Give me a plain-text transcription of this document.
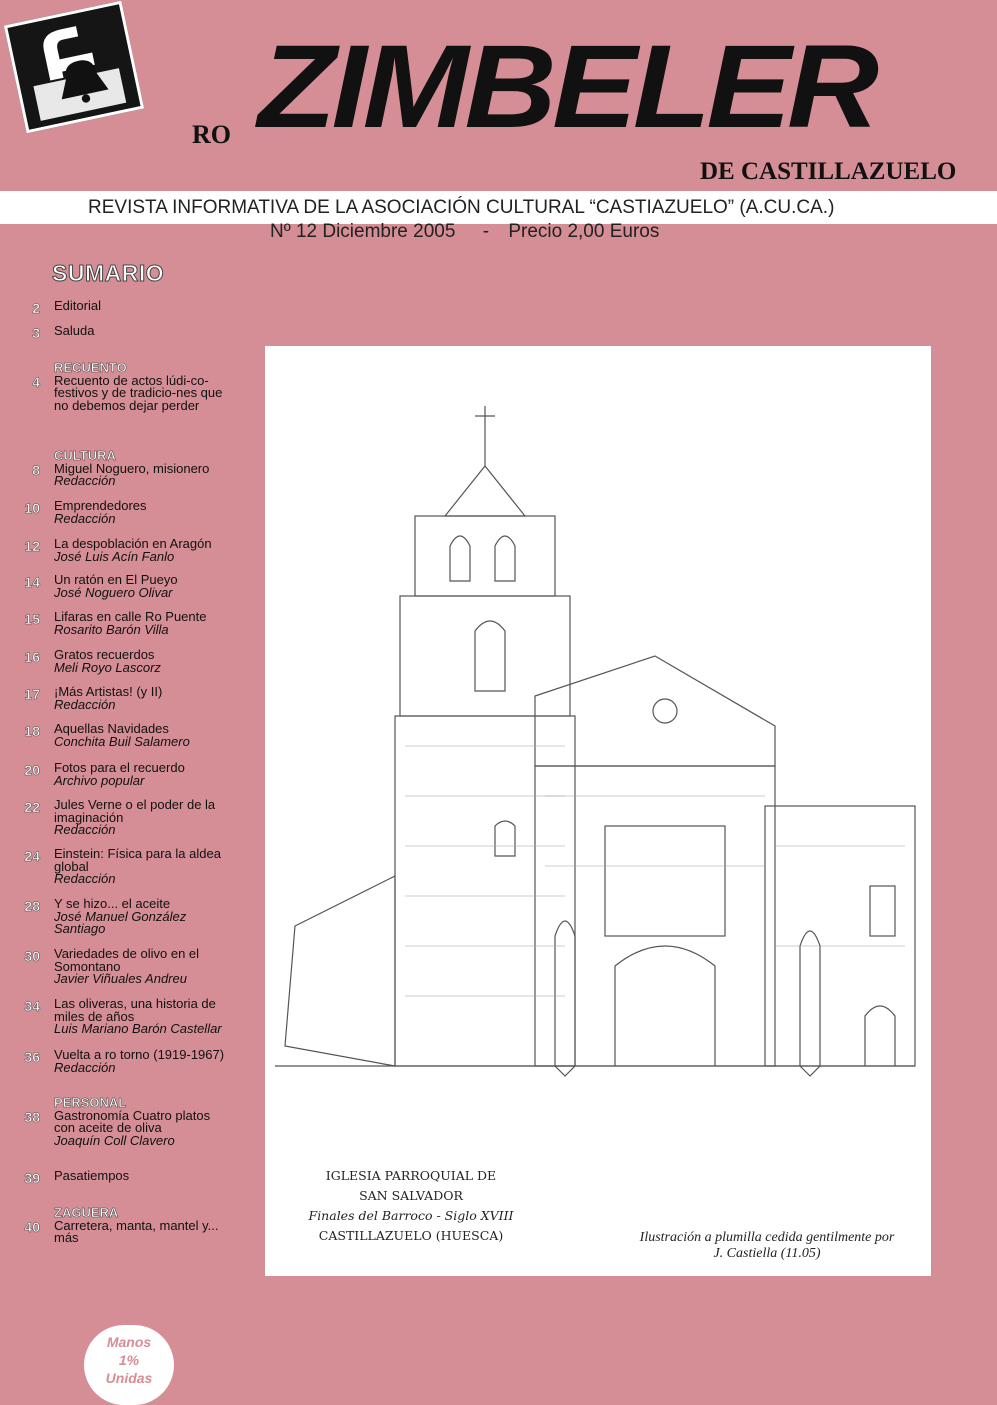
RO ZIMBELER
DE CASTILLAZUELO
REVISTA INFORMATIVA DE LA ASOCIACIÓN CULTURAL “CASTIAZUELO” (A.CU.CA.)
Nº 12 Diciembre 2005 - Precio 2,00 Euros
SUMARIO
2 Editorial
3 Saluda
4
RECUENTO
Recuento de actos lúdi-co-festivos y de tradicio-nes que no debemos dejar perder
8
CULTURA
Miguel Noguero, misionero
Redacción
10 Emprendedores
Redacción
12 La despoblación en Aragón
José Luis Acín Fanlo
14 Un ratón en El Pueyo
José Noguero Olivar
15 Lifaras en calle Ro Puente
Rosarito Barón Villa
16 Gratos recuerdos
Meli Royo Lascorz
17 ¡Más Artistas! (y II)
Redacción
18 Aquellas Navidades
Conchita Buil Salamero
20 Fotos para el recuerdo
Archivo popular
22 Jules Verne o el poder de la imaginación
Redacción
24 Einstein: Física para la aldea global
Redacción
28 Y se hizo... el aceite
José Manuel González Santiago
30 Variedades de olivo en el Somontano
Javier Viñuales Andreu
34 Las oliveras, una historia de miles de años
Luis Mariano Barón Castellar
36 Vuelta a ro torno (1919-1967)
Redacción
38
PERSONAL
Gastronomía Cuatro platos con aceite de oliva
Joaquín Coll Clavero
39 Pasatiempos
40
ZAGUERA
Carretera, manta, mantel y... más
IGLESIA PARROQUIAL DE
SAN SALVADOR
Finales del Barroco - Siglo XVIII
CASTILLAZUELO (HUESCA)	Ilustración a plumilla cedida gentilmente por
J. Castiella (11.05)
Manos
1%
Unidas
